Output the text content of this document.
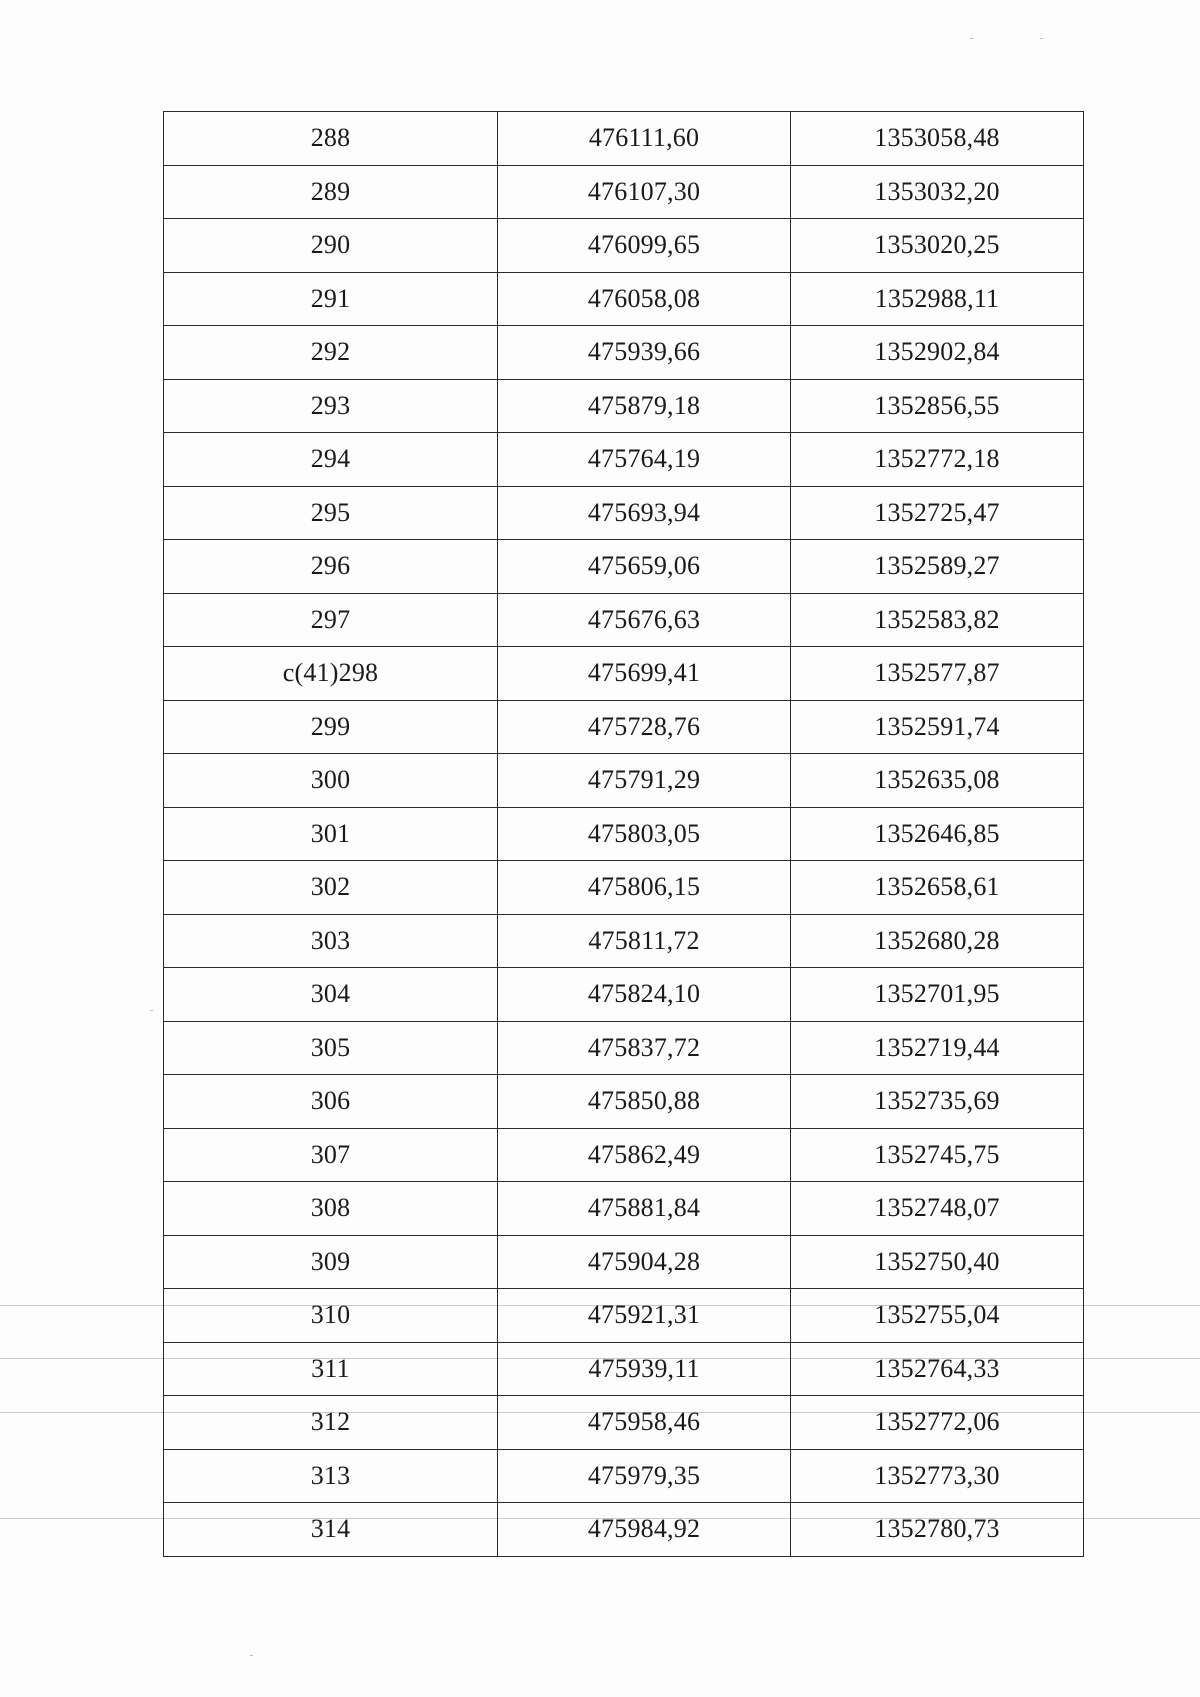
288	476111,60	1353058,48
289	476107,30	1353032,20
290	476099,65	1353020,25
291	476058,08	1352988,11
292	475939,66	1352902,84
293	475879,18	1352856,55
294	475764,19	1352772,18
295	475693,94	1352725,47
296	475659,06	1352589,27
297	475676,63	1352583,82
c(41)298	475699,41	1352577,87
299	475728,76	1352591,74
300	475791,29	1352635,08
301	475803,05	1352646,85
302	475806,15	1352658,61
303	475811,72	1352680,28
304	475824,10	1352701,95
305	475837,72	1352719,44
306	475850,88	1352735,69
307	475862,49	1352745,75
308	475881,84	1352748,07
309	475904,28	1352750,40
310	475921,31	1352755,04
311	475939,11	1352764,33
312	475958,46	1352772,06
313	475979,35	1352773,30
314	475984,92	1352780,73
